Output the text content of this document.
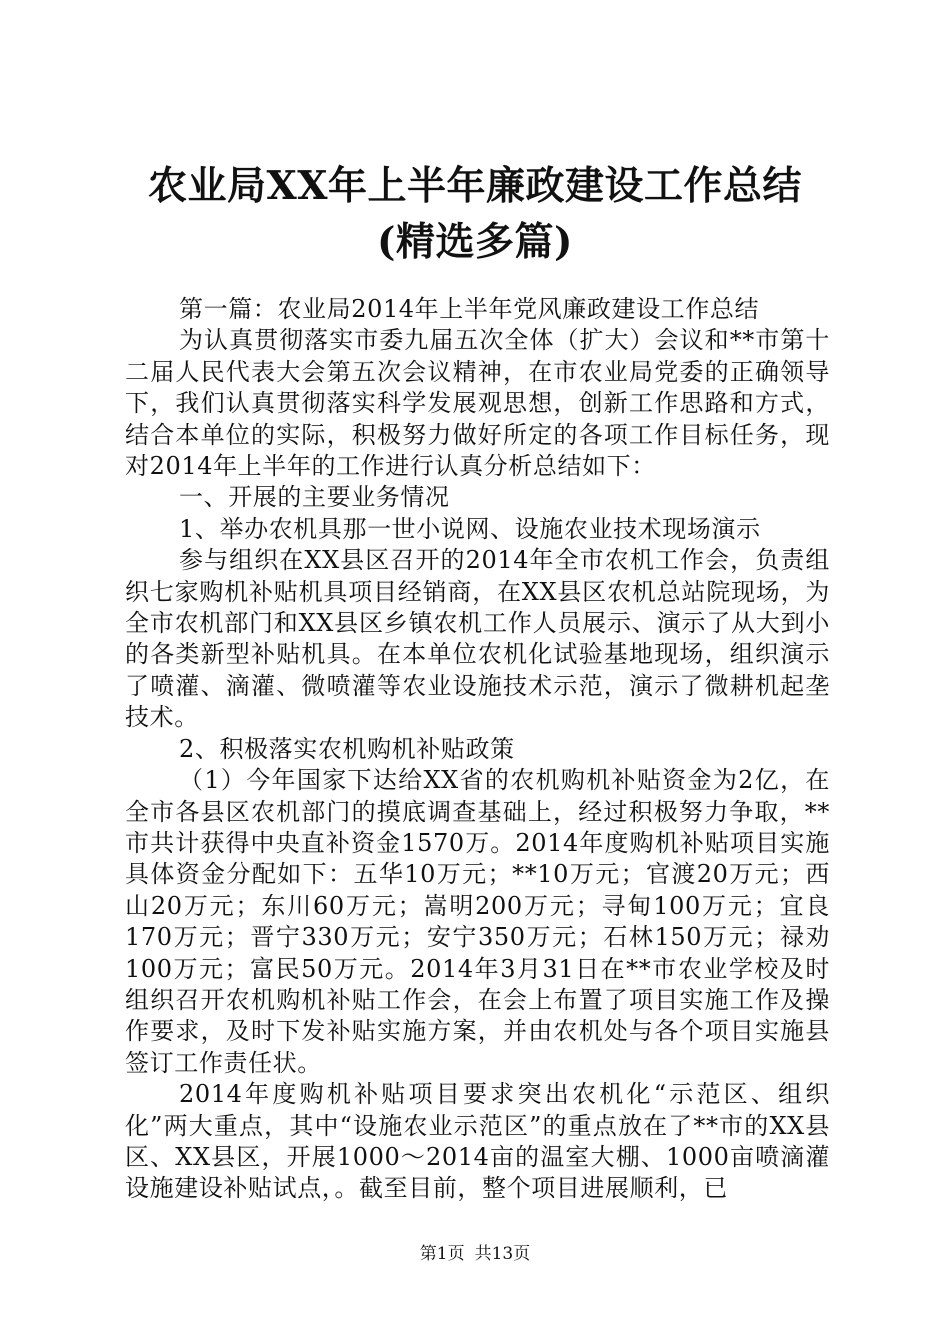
农业局XX年上半年廉政建设工作总结(精选多篇)

第一篇：农业局2014年上半年党风廉政建设工作总结

为认真贯彻落实市委九届五次全体（扩大）会议和**市第十二届人民代表大会第五次会议精神，在市农业局党委的正确领导下，我们认真贯彻落实科学发展观思想，创新工作思路和方式，结合本单位的实际，积极努力做好所定的各项工作目标任务，现对2014年上半年的工作进行认真分析总结如下：

一、开展的主要业务情况

1、举办农机具那一世小说网、设施农业技术现场演示

参与组织在XX县区召开的2014年全市农机工作会，负责组织七家购机补贴机具项目经销商，在XX县区农机总站院现场，为全市农机部门和XX县区乡镇农机工作人员展示、演示了从大到小的各类新型补贴机具。在本单位农机化试验基地现场，组织演示了喷灌、滴灌、微喷灌等农业设施技术示范，演示了微耕机起垄技术。

2、积极落实农机购机补贴政策

（1）今年国家下达给XX省的农机购机补贴资金为2亿，在全市各县区农机部门的摸底调查基础上，经过积极努力争取，**市共计获得中央直补资金1570万。2014年度购机补贴项目实施具体资金分配如下：五华10万元；**10万元；官渡20万元；西山20万元；东川60万元；嵩明200万元；寻甸100万元；宜良170万元；晋宁330万元；安宁350万元；石林150万元；禄劝100万元；富民50万元。2014年3月31日在**市农业学校及时组织召开农机购机补贴工作会，在会上布置了项目实施工作及操作要求，及时下发补贴实施方案，并由农机处与各个项目实施县签订工作责任状。

2014年度购机补贴项目要求突出农机化“示范区、组织化”两大重点，其中“设施农业示范区”的重点放在了**市的XX县区、XX县区，开展1000～2014亩的温室大棚、1000亩喷滴灌设施建设补贴试点，。截至目前，整个项目进展顺利，已

第1页 共13页
